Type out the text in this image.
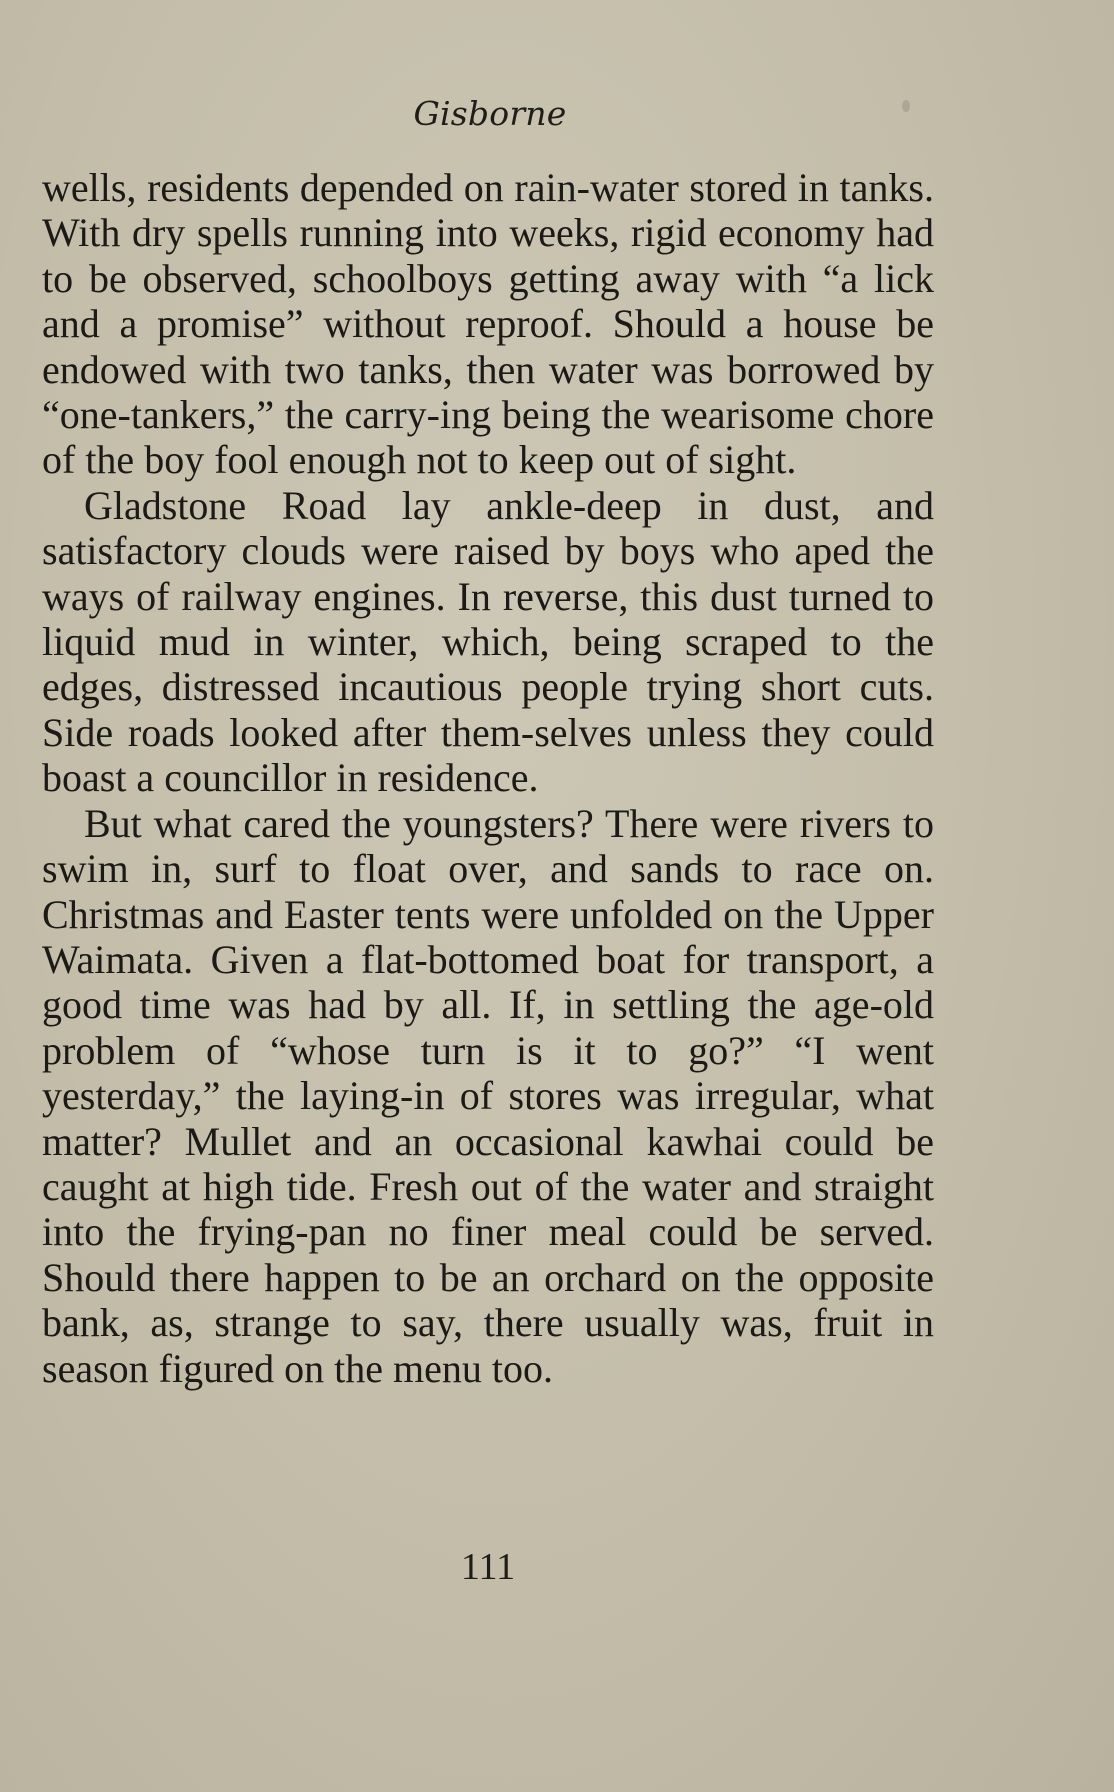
Gisborne

wells, residents depended on rain-water stored in tanks. With dry spells running into weeks, rigid economy had to be observed, schoolboys getting away with “a lick and a promise” without reproof. Should a house be endowed with two tanks, then water was borrowed by “one-tankers,” the carry-ing being the wearisome chore of the boy fool enough not to keep out of sight.

Gladstone Road lay ankle-deep in dust, and satisfactory clouds were raised by boys who aped the ways of railway engines. In reverse, this dust turned to liquid mud in winter, which, being scraped to the edges, distressed incautious people trying short cuts. Side roads looked after them-selves unless they could boast a councillor in residence.

But what cared the youngsters? There were rivers to swim in, surf to float over, and sands to race on. Christmas and Easter tents were unfolded on the Upper Waimata. Given a flat-bottomed boat for transport, a good time was had by all. If, in settling the age-old problem of “whose turn is it to go?” “I went yesterday,” the laying-in of stores was irregular, what matter? Mullet and an occasional kawhai could be caught at high tide. Fresh out of the water and straight into the frying-pan no finer meal could be served. Should there happen to be an orchard on the opposite bank, as, strange to say, there usually was, fruit in season figured on the menu too.

111
